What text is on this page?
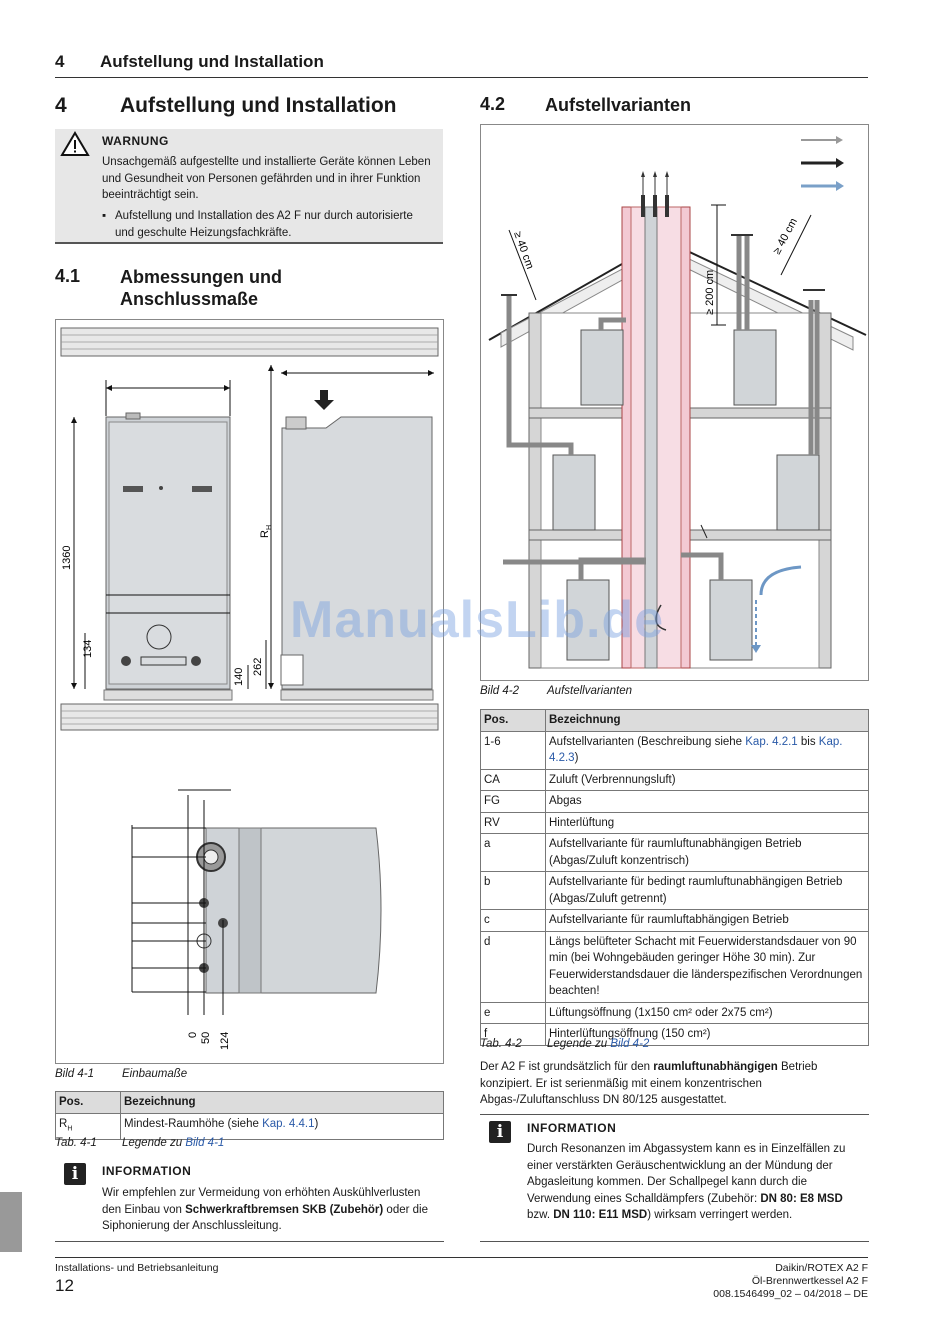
4 Aufstellung und Installation
4	Aufstellung und Installation
WARNUNG
Unsachgemäß aufgestellte und installierte Geräte können Leben und Gesundheit von Personen gefährden und in ihrer Funktion beeinträchtigt sein.
▪ Aufstellung und Installation des A2 F nur durch autorisierte und geschulte Heizungsfachkräfte.
4.1 Abmessungen und
Anschlussmaße
1360
134
140
262
$R_H$
0 50 124
Bild 4-1 Einbaumaße
Pos.	Bezeichnung
$R_H$	Mindest-Raumhöhe (siehe Kap. 4.4.1)
Tab. 4-1 Legende zu Bild 4-1
i	INFORMATION
Wir empfehlen zur Vermeidung von erhöhten Auskühlverlusten den Einbau von Schwerkraftbremsen SKB (Zubehör) oder die Siphonierung der Anschlussleitung.
4.2 Aufstellvarianten
≥ 200 cm
≥ 40 cm	≥ 40 cm
Bild 4-2 Aufstellvarianten
Pos.	Bezeichnung
1-6	Aufstellvarianten (Beschreibung siehe Kap. 4.2.1 bis Kap. 4.2.3)
CA	Zuluft (Verbrennungsluft)
FG	Abgas
RV	Hinterlüftung
a	Aufstellvariante für raumluftunabhängigen Betrieb (Abgas/Zuluft konzentrisch)
b	Aufstellvariante für bedingt raumluftunabhängigen Betrieb (Abgas/Zuluft getrennt)
c	Aufstellvariante für raumluftabhängigen Betrieb
d	Längs belüfteter Schacht mit Feuerwiderstandsdauer von 90 min (bei Wohngebäuden geringer Höhe 30 min). Zur Feuerwiderstandsdauer die länderspezifischen Verordnungen beachten!
e	Lüftungsöffnung (1x150 cm² oder 2x75 cm²)
f	Hinterlüftungsöffnung (150 cm²)
Tab. 4-2 Legende zu Bild 4-2
Der A2 F ist grundsätzlich für den raumluftunabhängigen Betrieb konzipiert. Er ist serienmäßig mit einem konzentrischen Abgas-/Zuluftanschluss DN 80/125 ausgestattet.
i	INFORMATION
Durch Resonanzen im Abgassystem kann es in Einzelfällen zu einer verstärkten Geräuschentwicklung an der Mündung der Abgasleitung kommen. Der Schallpegel kann durch die Verwendung eines Schalldämpfers (Zubehör: DN 80: E8 MSD bzw. DN 110: E11 MSD) wirksam verringert werden.
ManualsLib.de
Installations- und Betriebsanleitung
12
Daikin/ROTEX A2 F
Öl-Brennwertkessel A2 F
008.1546499_02 – 04/2018 – DE
